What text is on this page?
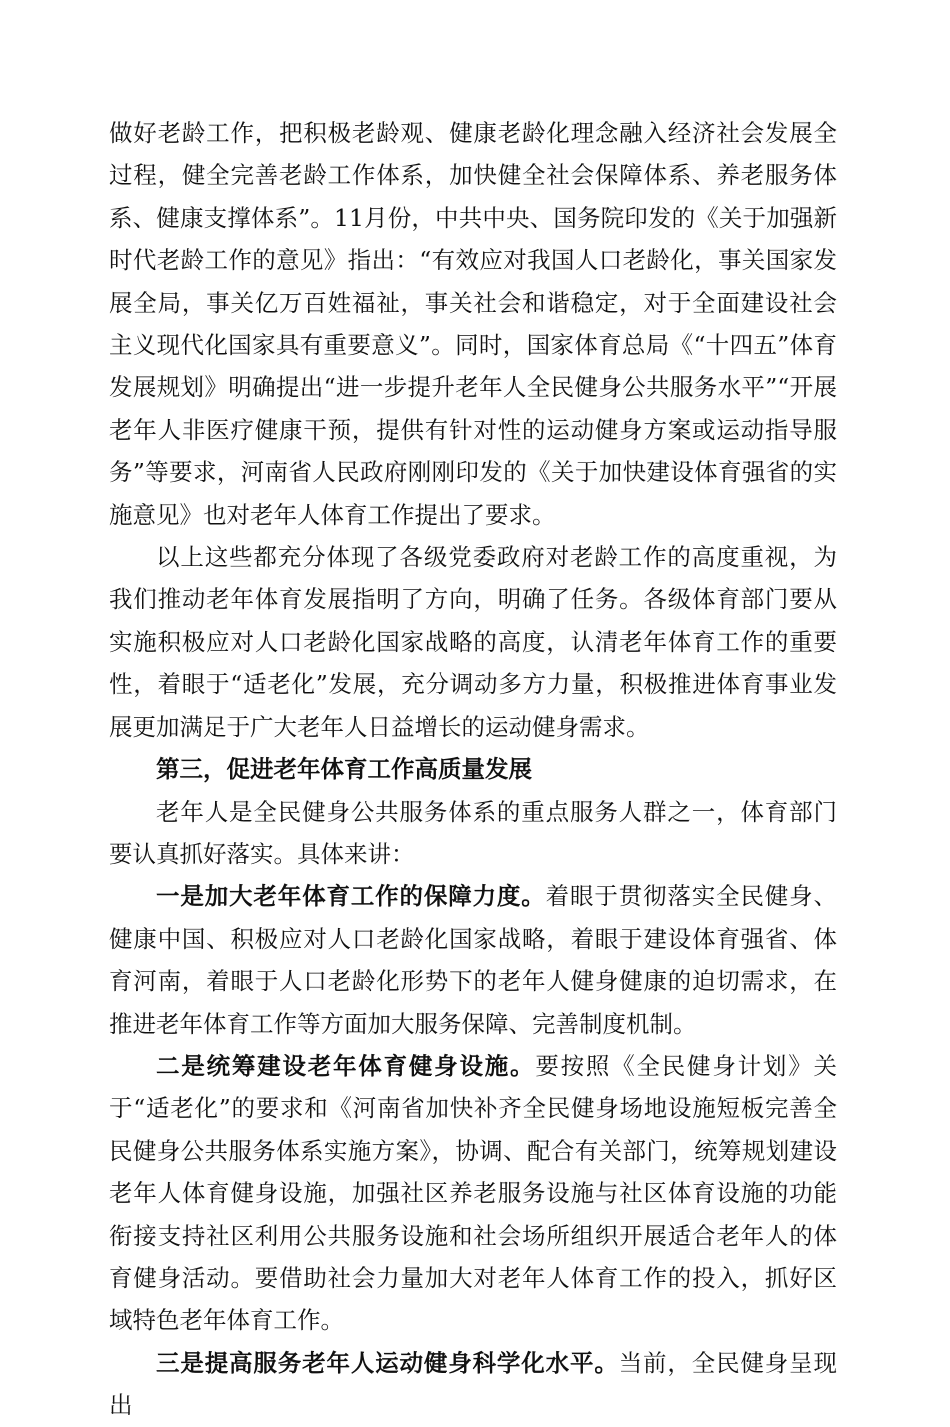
做好老龄工作，把积极老龄观、健康老龄化理念融入经济社会发展全过程，健全完善老龄工作体系，加快健全社会保障体系、养老服务体系、健康支撑体系”。11月份，中共中央、国务院印发的《关于加强新时代老龄工作的意见》指出：“有效应对我国人口老龄化，事关国家发展全局，事关亿万百姓福祉，事关社会和谐稳定，对于全面建设社会主义现代化国家具有重要意义”。同时，国家体育总局《“十四五”体育发展规划》明确提出“进一步提升老年人全民健身公共服务水平”“开展老年人非医疗健康干预，提供有针对性的运动健身方案或运动指导服务”等要求，河南省人民政府刚刚印发的《关于加快建设体育强省的实施意见》也对老年人体育工作提出了要求。

以上这些都充分体现了各级党委政府对老龄工作的高度重视，为我们推动老年体育发展指明了方向，明确了任务。各级体育部门要从实施积极应对人口老龄化国家战略的高度，认清老年体育工作的重要性，着眼于“适老化”发展，充分调动多方力量，积极推进体育事业发展更加满足于广大老年人日益增长的运动健身需求。

第三，促进老年体育工作高质量发展

老年人是全民健身公共服务体系的重点服务人群之一，体育部门要认真抓好落实。具体来讲：

一是加大老年体育工作的保障力度。着眼于贯彻落实全民健身、健康中国、积极应对人口老龄化国家战略，着眼于建设体育强省、体育河南，着眼于人口老龄化形势下的老年人健身健康的迫切需求，在推进老年体育工作等方面加大服务保障、完善制度机制。

二是统筹建设老年体育健身设施。要按照《全民健身计划》关于“适老化”的要求和《河南省加快补齐全民健身场地设施短板完善全民健身公共服务体系实施方案》，协调、配合有关部门，统筹规划建设老年人体育健身设施，加强社区养老服务设施与社区体育设施的功能衔接支持社区利用公共服务设施和社会场所组织开展适合老年人的体育健身活动。要借助社会力量加大对老年人体育工作的投入，抓好区域特色老年体育工作。

三是提高服务老年人运动健身科学化水平。当前，全民健身呈现出
